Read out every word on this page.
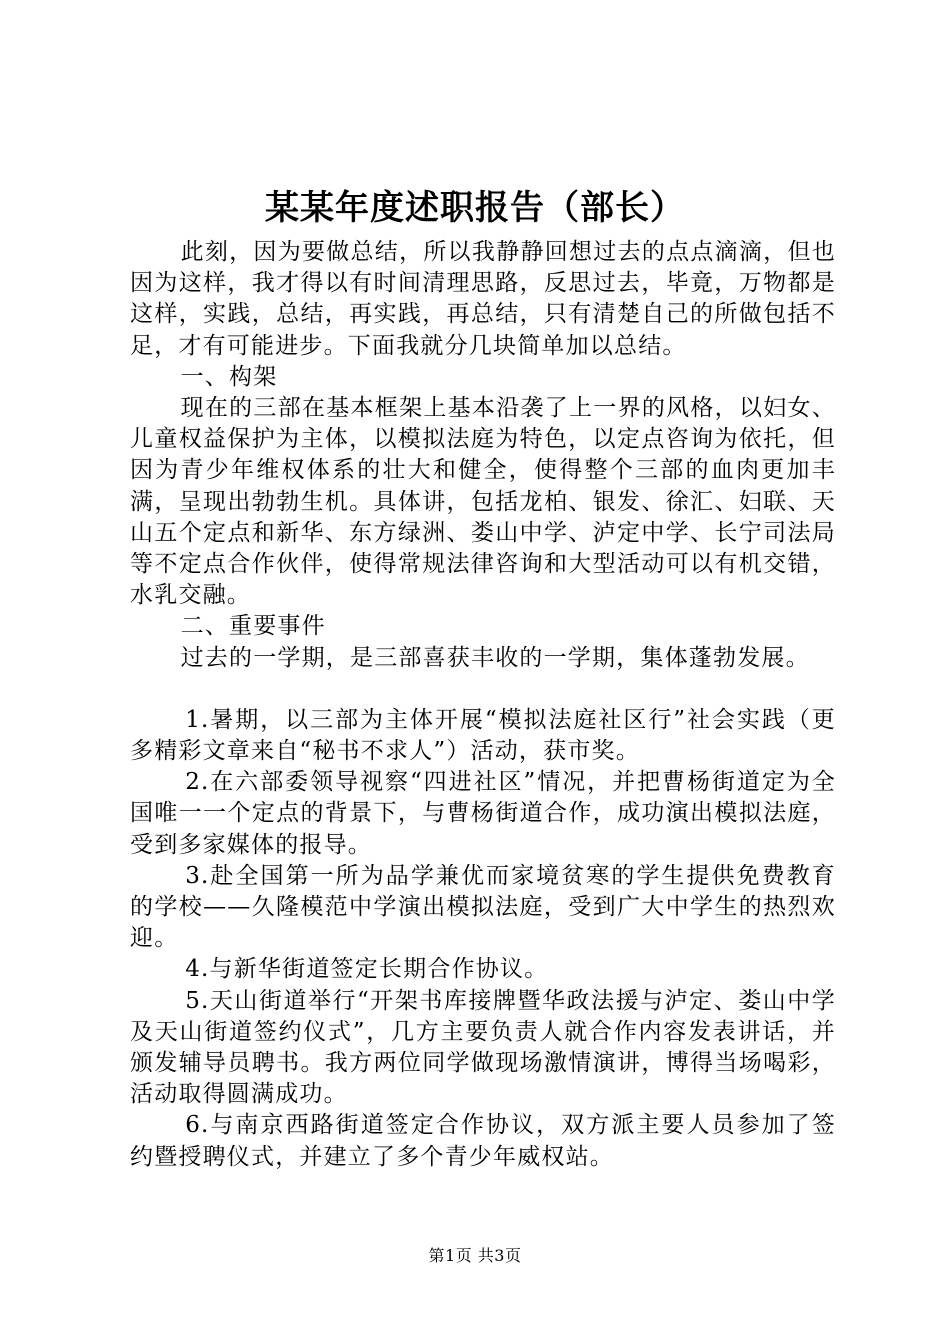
某某年度述职报告（部长）

此刻，因为要做总结，所以我静静回想过去的点点滴滴，但也因为这样，我才得以有时间清理思路，反思过去，毕竟，万物都是这样，实践，总结，再实践，再总结，只有清楚自己的所做包括不足，才有可能进步。下面我就分几块简单加以总结。

一、构架

现在的三部在基本框架上基本沿袭了上一界的风格，以妇女、儿童权益保护为主体，以模拟法庭为特色，以定点咨询为依托，但因为青少年维权体系的壮大和健全，使得整个三部的血肉更加丰满，呈现出勃勃生机。具体讲，包括龙柏、银发、徐汇、妇联、天山五个定点和新华、东方绿洲、娄山中学、泸定中学、长宁司法局等不定点合作伙伴，使得常规法律咨询和大型活动可以有机交错，水乳交融。

二、重要事件

过去的一学期，是三部喜获丰收的一学期，集体蓬勃发展。

1.暑期，以三部为主体开展“模拟法庭社区行”社会实践（更多精彩文章来自“秘书不求人”）活动，获市奖。

2.在六部委领导视察“四进社区”情况，并把曹杨街道定为全国唯一一个定点的背景下，与曹杨街道合作，成功演出模拟法庭，受到多家媒体的报导。

3.赴全国第一所为品学兼优而家境贫寒的学生提供免费教育的学校——久隆模范中学演出模拟法庭，受到广大中学生的热烈欢迎。

4.与新华街道签定长期合作协议。

5.天山街道举行“开架书库接牌暨华政法援与泸定、娄山中学及天山街道签约仪式”，几方主要负责人就合作内容发表讲话，并颁发辅导员聘书。我方两位同学做现场激情演讲，博得当场喝彩，活动取得圆满成功。

6.与南京西路街道签定合作协议，双方派主要人员参加了签约暨授聘仪式，并建立了多个青少年威权站。

第1页 共3页
